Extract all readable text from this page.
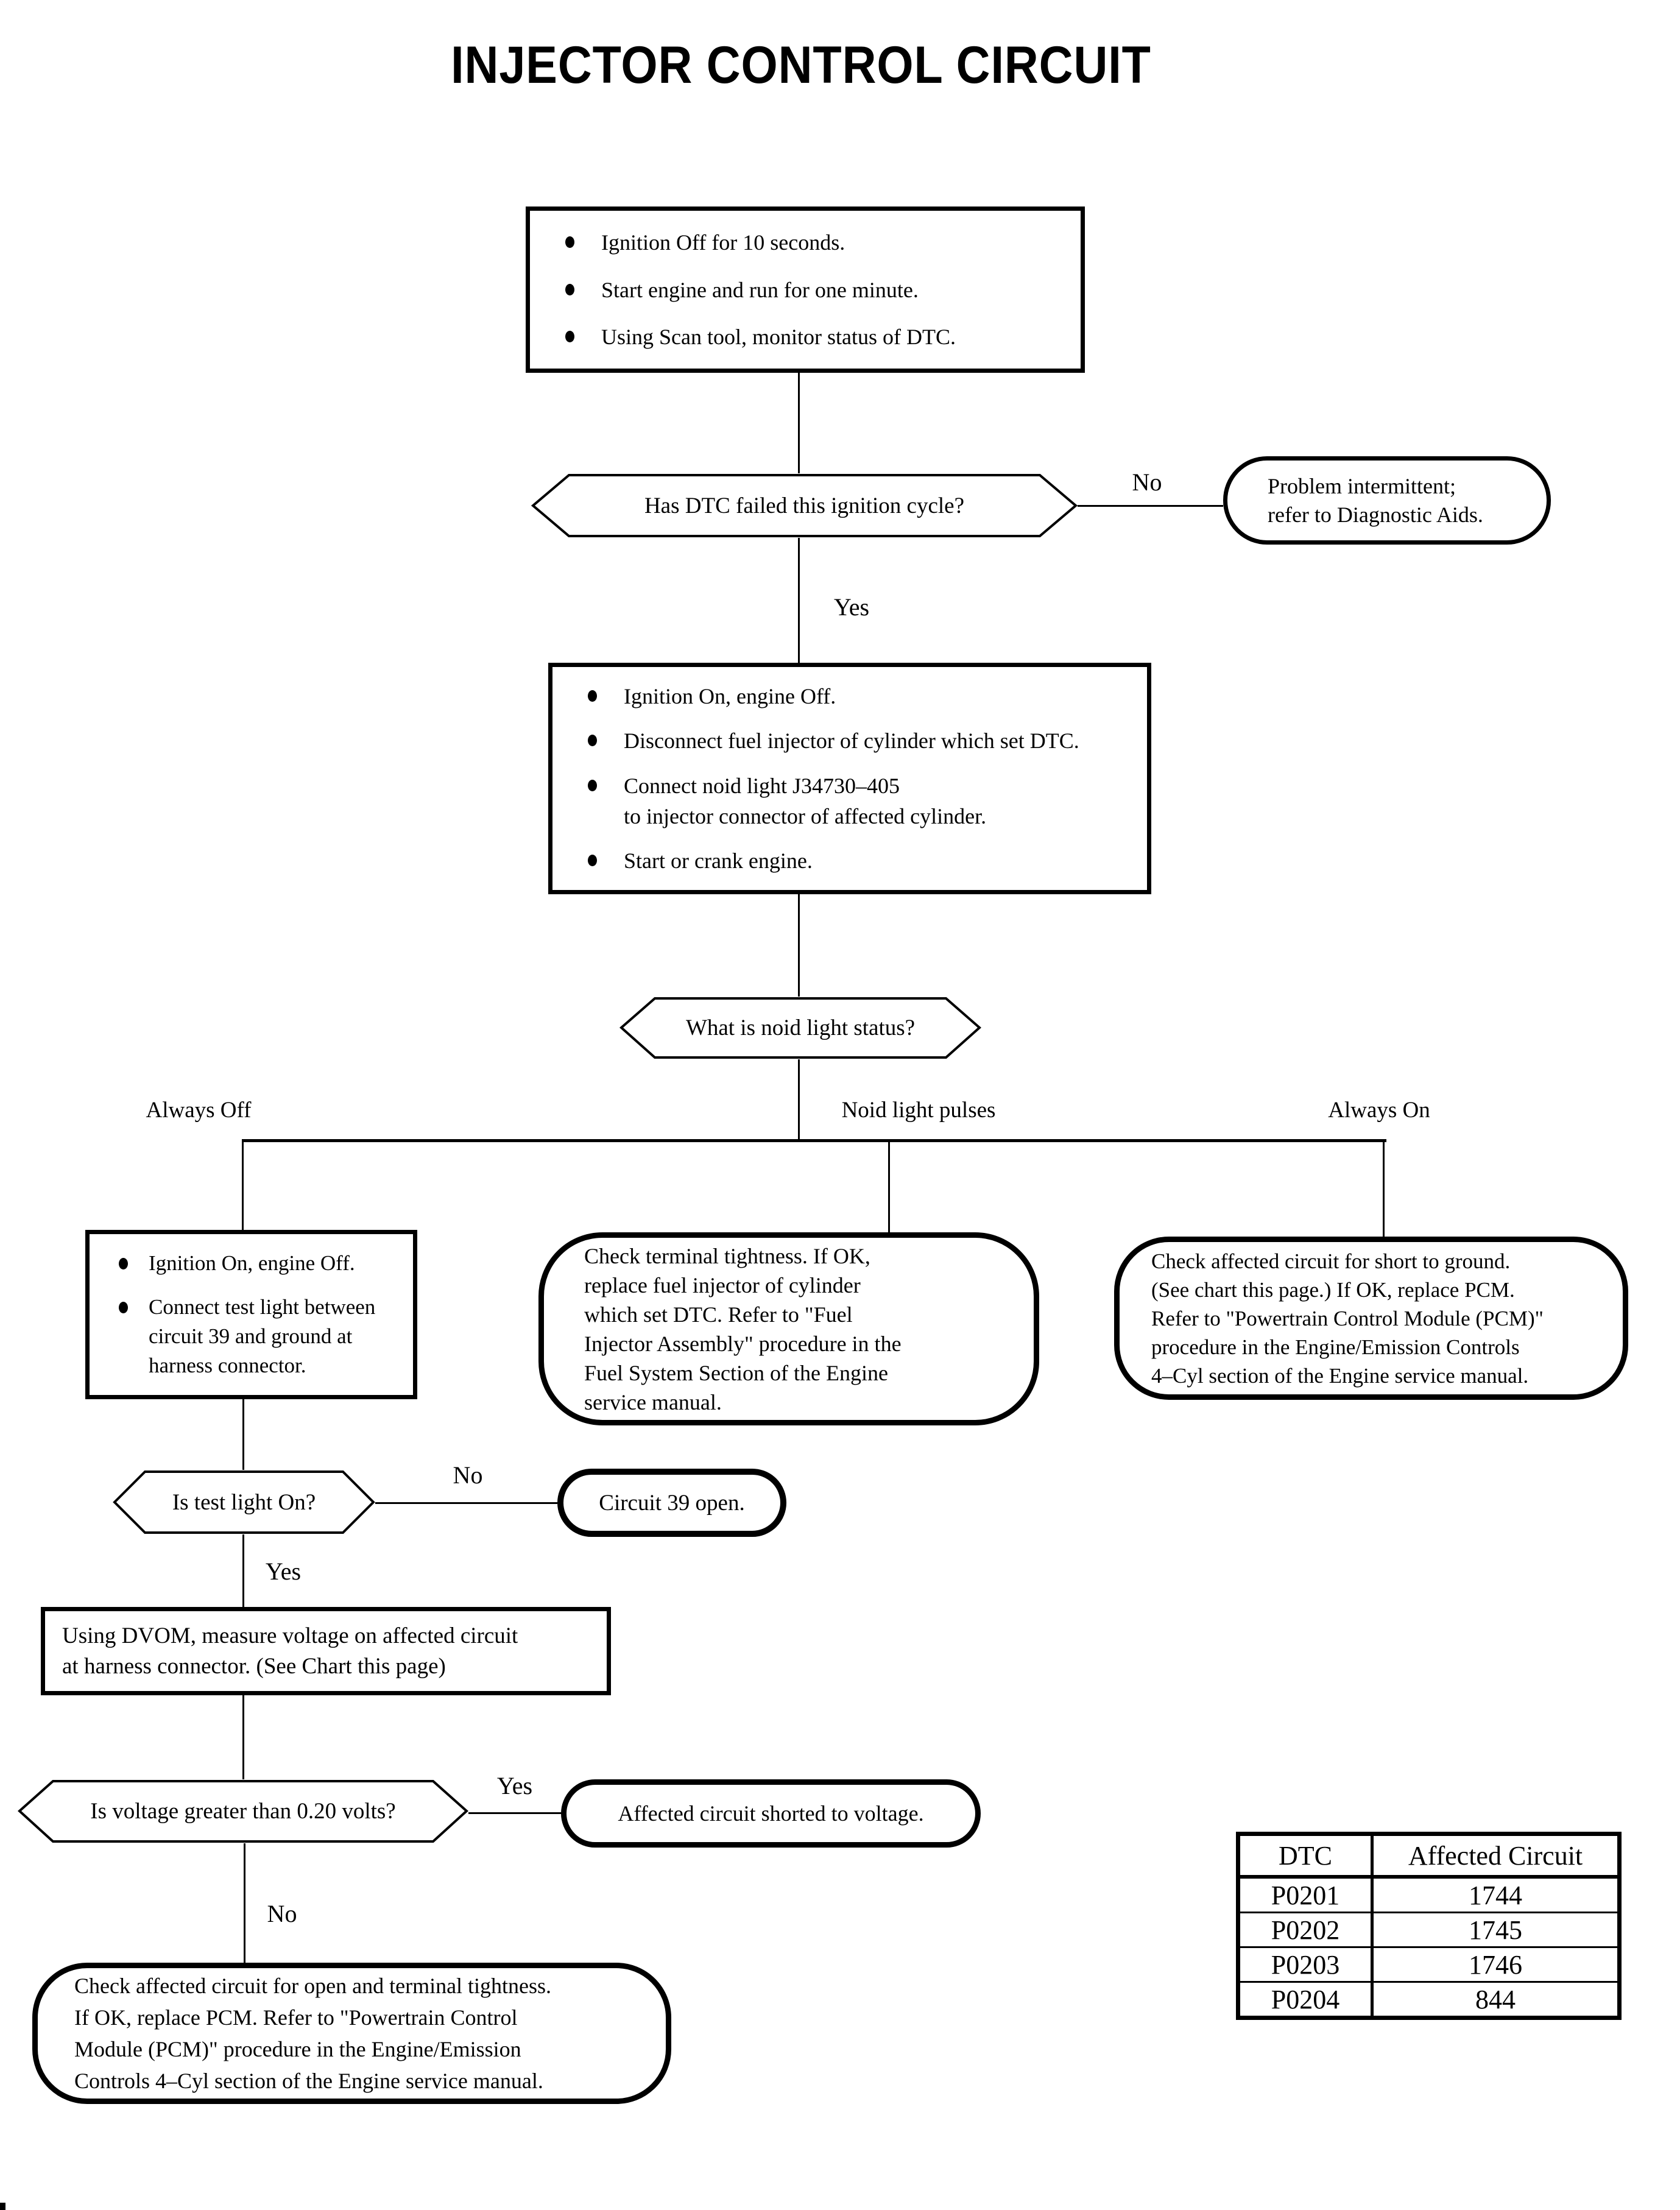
INJECTOR CONTROL CIRCUIT
Ignition Off for 10 seconds.
Start engine and run for one minute.
Using Scan tool, monitor status of DTC.
Has DTC failed this ignition cycle?
No	Problem intermittent;
refer to Diagnostic Aids.
Yes
Ignition On, engine Off.
Disconnect fuel injector of cylinder which set DTC.
Connect noid light J34730–405
to injector connector of affected cylinder.
Start or crank engine.
What is noid light status?
Always Off	Noid light pulses	Always On
Ignition On, engine Off.
Connect test light between
circuit 39 and ground at
harness connector.
Check terminal tightness. If OK,
replace fuel injector of cylinder
which set DTC. Refer to "Fuel
Injector Assembly" procedure in the
Fuel System Section of the Engine
service manual.
Check affected circuit for short to ground.
(See chart this page.) If OK, replace PCM.
Refer to "Powertrain Control Module (PCM)"
procedure in the Engine/Emission Controls
4–Cyl section of the Engine service manual.
Is test light On?
No
Circuit 39 open.
Yes
Using DVOM, measure voltage on affected circuit
at harness connector. (See Chart this page)
Is voltage greater than 0.20 volts?
Yes
Affected circuit shorted to voltage.
No
Check affected circuit for open and terminal tightness.
If OK, replace PCM. Refer to "Powertrain Control
Module (PCM)" procedure in the Engine/Emission
Controls 4–Cyl section of the Engine service manual.
DTC	Affected Circuit
P0201	1744
P0202	1745
P0203	1746
P0204	844
